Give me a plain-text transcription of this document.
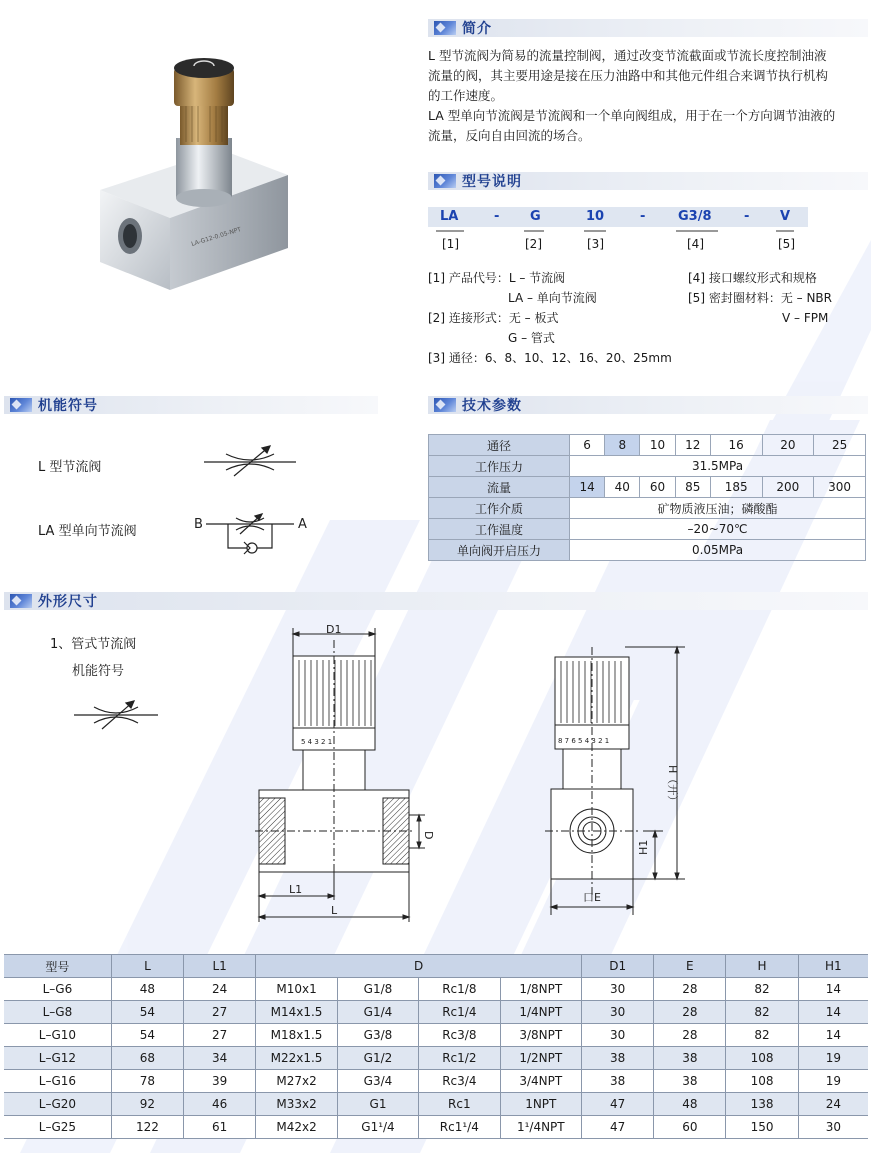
LA-G12-0.05-NPT
简介
L 型节流阀为简易的流量控制阀，通过改变节流截面或节流长度控制油液
流量的阀，其主要用途是接在压力油路中和其他元件组合来调节执行机构
的工作速度。
LA 型单向节流阀是节流阀和一个单向阀组成，用于在一个方向调节油液的
流量，反向自由回流的场合。
型号说明
LA	- G	10	-	G3/8 - V
[1]	[2]	[3]	[4]	[5]
[1] 产品代号：L – 节流阀
LA – 单向节流阀
[2] 连接形式：无 – 板式
G – 管式
[3] 通径：6、8、10、12、16、20、25mm
[4] 接口螺纹形式和规格
[5] 密封圈材料：无 – NBR
V – FPM
机能符号
L 型节流阀
LA 型单向节流阀	B	A
技术参数
通径	6	8	10	12	16	20	25
工作压力	31.5MPa						
流量	14	40	60	85	185	200	300
工作介质	矿物质液压油；磷酸酯						
工作温度	–20~70℃						
单向阀开启压力	0.05MPa						
外形尺寸
1、管式节流阀
机能符号
D1
5 4 3 2 1
D
L1
L
8 7 6 5 4 3 2 1
H（开）
H1
口E
型号	L	L1	D				D1	E	H	H1
L–G6	48	24	M10x1	G1/8	Rc1/8	1/8NPT	30	28	82	14
L–G8	54	27	M14x1.5	G1/4	Rc1/4	1/4NPT	30	28	82	14
L–G10	54	27	M18x1.5	G3/8	Rc3/8	3/8NPT	30	28	82	14
L–G12	68	34	M22x1.5	G1/2	Rc1/2	1/2NPT	38	38	108	19
L–G16	78	39	M27x2	G3/4	Rc3/4	3/4NPT	38	38	108	19
L–G20	92	46	M33x2	G1	Rc1	1NPT	47	48	138	24
L–G25	122	61	M42x2	G1¹/4	Rc1¹/4	1¹/4NPT	47	60	150	30
